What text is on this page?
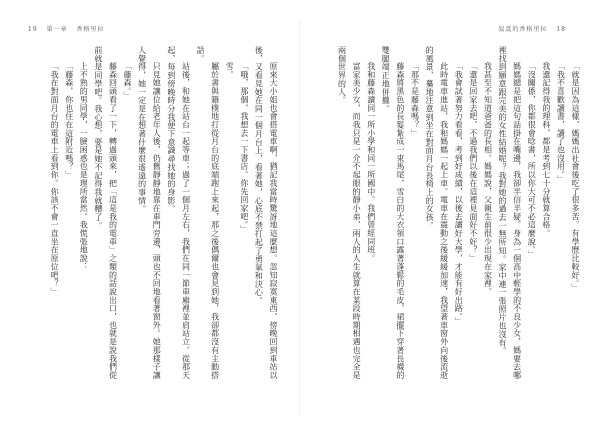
19 第一章 香格里拉

原來大小姐也會搭電車啊，猶記我當時驚訝地這麼想。忽知寂寞東西，傍晚回到車站以後，又看見她在同一個月台上，看著她，心底不禁打起了勇氣和決心。

「哦，那個，我想去一下書店。你先回家吧。」

雪。

屬於書與籍樸地打從月台的底端跑上來起，那之後偶爾也會見到她，我卻都沒有主動搭話。

站後，和她在站台一起等車；過了一個月左右，我們在同一節車廂裡並肩站立。從那天起，每到傍晚時分我便下意識尋找她的身影。

只見她讓位給老年人後，仍舊靜靜地靠在車門旁邊，頭也不回地看著窗外。她那樣子讓人覺得，她一定是在想著什麼很遙遠的事情。

「藤森。」

藤森回頭看了一下，轉過頭來，把「這是我的電車」之類的話說出口，也就是說我們從前就是同學吧。我心想，要是她不記得我就糟了。

上不熟的男同學，一臉困惑也是理所當然。我慌張地說：

「藤森，你也住在這附近嗎？」

「我在對面月台的電車上看到你。你該不會一直坐在原位吧？」

寂寞的香格里拉 18

「就是因為這樣，媽媽出社會後吃了很多苦。有學歷比較好。」

「我不喜歡讀書，讀了也沒用。」

我還記得我的理科，都是考到七十分就算合格。

「沒關係，你都很會唸書，所以你大可不必這麼說。」

媽媽總是把這句話掛在嘴邊，我卻半信半疑。身為一個高中輕學的不良少女，媽要去哪裡找到願意跟完美的女性結婚呢？我對她的過去一無所知。家中連一張照片也沒有。

我甚至不知道爸爸的長相。媽媽說，父親生前很少出現在家裡。

「還是回家去吧，不過我們以後在這裡見面好不好？」

「我會試著努力看看，考到好成績，以後去讀好大學，才能有好出路。」

此時電車進站，我和媽媽一起上車。電車在震動之後緩緩加速，我望著車窗外向後流逝的風景，驀地注意到坐在對面月台長椅上的女孩。

「那不是藤森嗎？」

藤森將黑色的長髮紮成一束馬尾，雪白的大衣領口露著蓬鬆的毛皮，裙擺下穿著長襪的雙腿端正地併攏。

我和藤森讀同一所小學和同一所國中。我們曾經同班。

富家美少女，而我只是一介不起眼的靜小弟，兩人的人生就算在某段時期相遇也完全是兩個世界的人。
